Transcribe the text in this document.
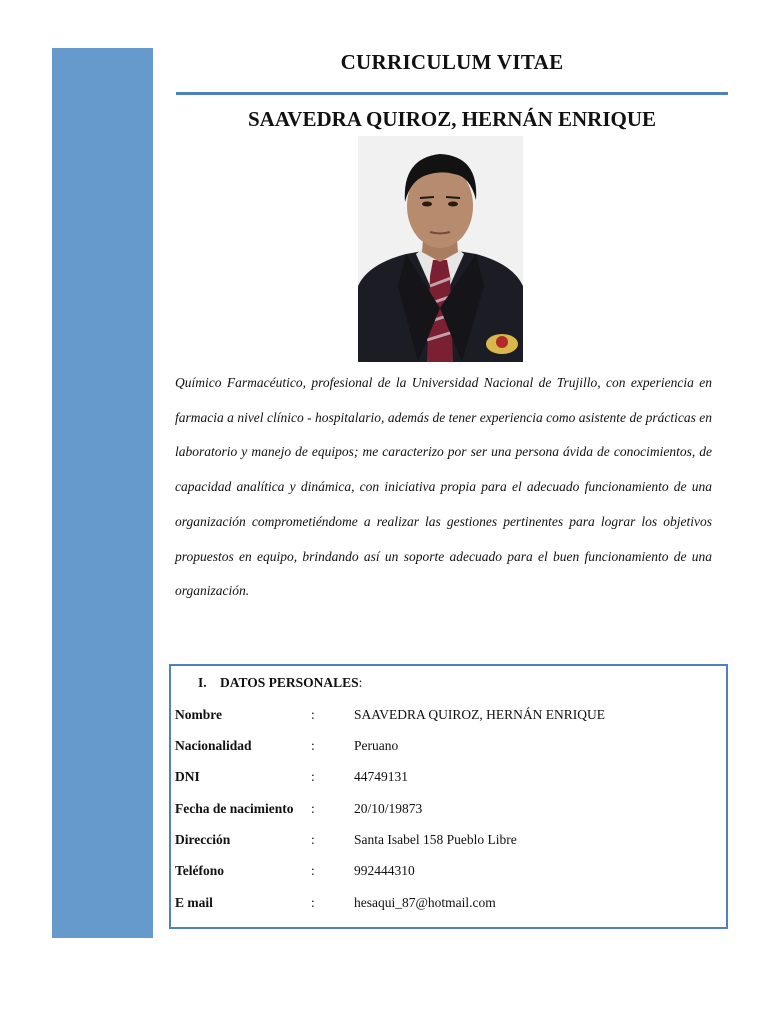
CURRICULUM VITAE
SAAVEDRA QUIROZ, HERNÁN ENRIQUE
Químico Farmacéutico, profesional de la Universidad Nacional de Trujillo, con experiencia en farmacia a nivel clínico - hospitalario, además de tener experiencia como asistente de prácticas en laboratorio y manejo de equipos; me caracterizo por ser una persona ávida de conocimientos, de capacidad analítica y dinámica, con iniciativa propia para el adecuado funcionamiento de una organización comprometiéndome a realizar las gestiones pertinentes para lograr los objetivos propuestos en equipo, brindando así un soporte adecuado para el buen funcionamiento de una organización.
I. DATOS PERSONALES:
Nombre	:	SAAVEDRA QUIROZ, HERNÁN ENRIQUE
Nacionalidad	:	Peruano
DNI	:	44749131
Fecha de nacimiento :	20/10/19873
Dirección	:	Santa Isabel 158 Pueblo Libre
Teléfono	:	992444310
E mail	:	hesaqui_87@hotmail.com
